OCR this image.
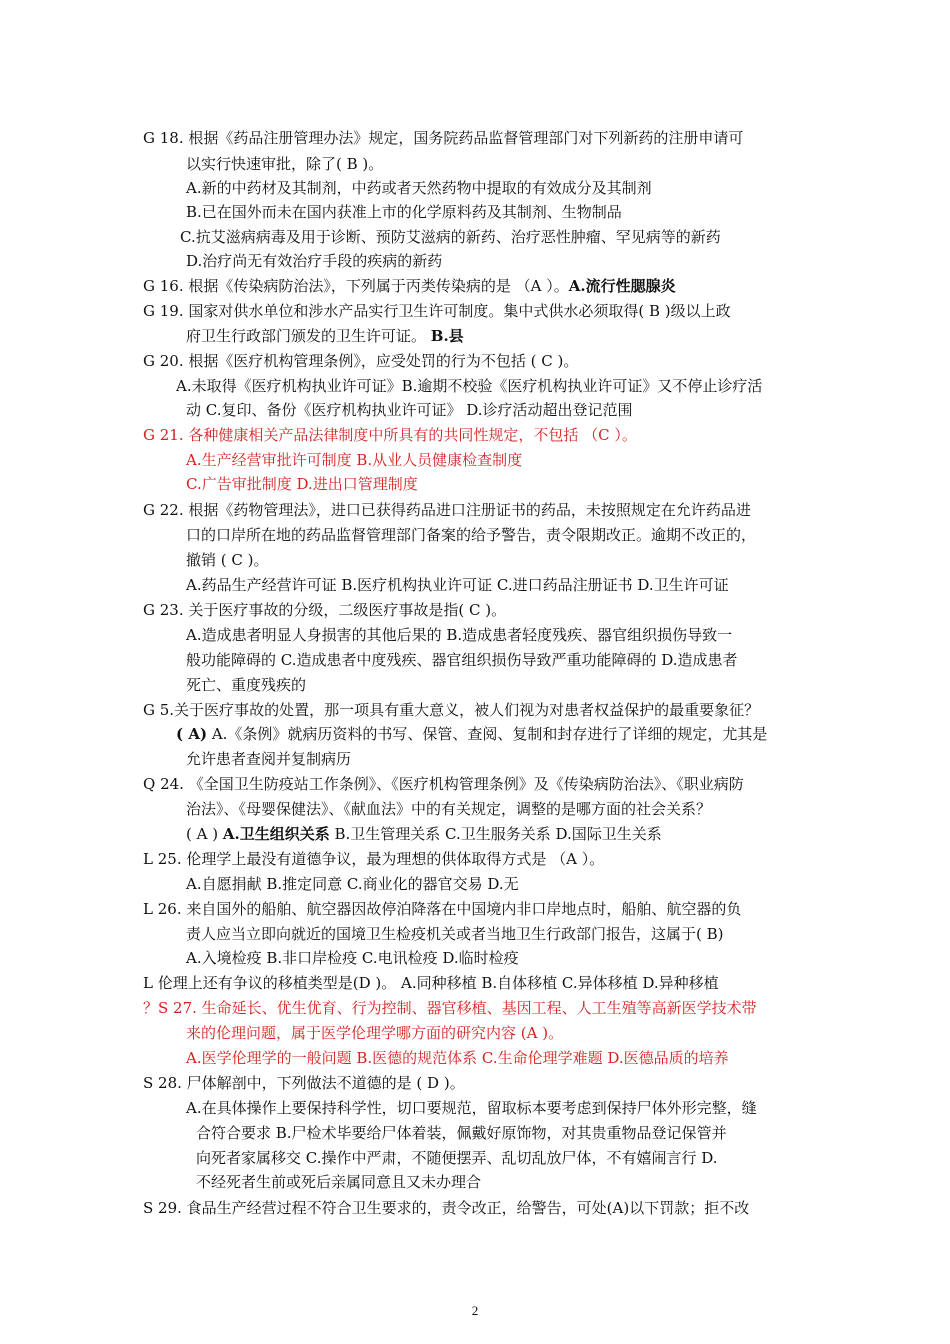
G 18. 根据《药品注册管理办法》规定，国务院药品监督管理部门对下列新药的注册申请可
以实行快速审批，除了( B )。
A.新的中药材及其制剂，中药或者天然药物中提取的有效成分及其制剂
B.已在国外而未在国内获准上市的化学原料药及其制剂、生物制品
C.抗艾滋病病毒及用于诊断、预防艾滋病的新药、治疗恶性肿瘤、罕见病等的新药
D.治疗尚无有效治疗手段的疾病的新药
G 16. 根据《传染病防治法》，下列属于丙类传染病的是 （A ）。A.流行性腮腺炎
G 19. 国家对供水单位和涉水产品实行卫生许可制度。集中式供水必须取得( B )级以上政
府卫生行政部门颁发的卫生许可证。 B.县
G 20. 根据《医疗机构管理条例》，应受处罚的行为不包括 ( C )。
A.未取得《医疗机构执业许可证》B.逾期不校验《医疗机构执业许可证》又不停止诊疗活
动 C.复印、备份《医疗机构执业许可证》 D.诊疗活动超出登记范围
G 21. 各种健康相关产品法律制度中所具有的共同性规定，不包括 （C ）。
A.生产经营审批许可制度 B.从业人员健康检查制度
C.广告审批制度 D.进出口管理制度
G 22. 根据《药物管理法》，进口已获得药品进口注册证书的药品，未按照规定在允许药品进
口的口岸所在地的药品监督管理部门备案的给予警告，责令限期改正。逾期不改正的，
撤销 ( C )。
A.药品生产经营许可证 B.医疗机构执业许可证 C.进口药品注册证书 D.卫生许可证
G 23. 关于医疗事故的分级，二级医疗事故是指( C )。
A.造成患者明显人身损害的其他后果的 B.造成患者轻度残疾、器官组织损伤导致一
般功能障碍的 C.造成患者中度残疾、器官组织损伤导致严重功能障碍的 D.造成患者
死亡、重度残疾的
G 5.关于医疗事故的处置，那一项具有重大意义，被人们视为对患者权益保护的最重要象征？
( A) A.《条例》就病历资料的书写、保管、查阅、复制和封存进行了详细的规定，尤其是
允许患者查阅并复制病历
Q 24. 《全国卫生防疫站工作条例》、《医疗机构管理条例》及《传染病防治法》、《职业病防
治法》、《母婴保健法》、《献血法》中的有关规定，调整的是哪方面的社会关系？
( A ) A.卫生组织关系 B.卫生管理关系 C.卫生服务关系 D.国际卫生关系
L 25. 伦理学上最没有道德争议，最为理想的供体取得方式是 （A ）。
A.自愿捐献 B.推定同意 C.商业化的器官交易 D.无
L 26. 来自国外的船舶、航空器因故停泊降落在中国境内非口岸地点时，船舶、航空器的负
责人应当立即向就近的国境卫生检疫机关或者当地卫生行政部门报告，这属于( B)
A.入境检疫 B.非口岸检疫 C.电讯检疫 D.临时检疫
L 伦理上还有争议的移植类型是(D )。 A.同种移植 B.自体移植 C.异体移植 D.异种移植
？S 27. 生命延长、优生优育、行为控制、器官移植、基因工程、人工生殖等高新医学技术带
来的伦理问题，属于医学伦理学哪方面的研究内容 (A )。
A.医学伦理学的一般问题 B.医德的规范体系 C.生命伦理学难题 D.医德品质的培养
S 28. 尸体解剖中，下列做法不道德的是 ( D )。
A.在具体操作上要保持科学性，切口要规范，留取标本要考虑到保持尸体外形完整，缝
合符合要求 B.尸检术毕要给尸体着装，佩戴好原饰物，对其贵重物品登记保管并
向死者家属移交 C.操作中严肃，不随便摆弄、乱切乱放尸体，不有嬉闹言行 D.
不经死者生前或死后亲属同意且又未办理合
S 29. 食品生产经营过程不符合卫生要求的，责令改正，给警告，可处(A)以下罚款；拒不改
2
